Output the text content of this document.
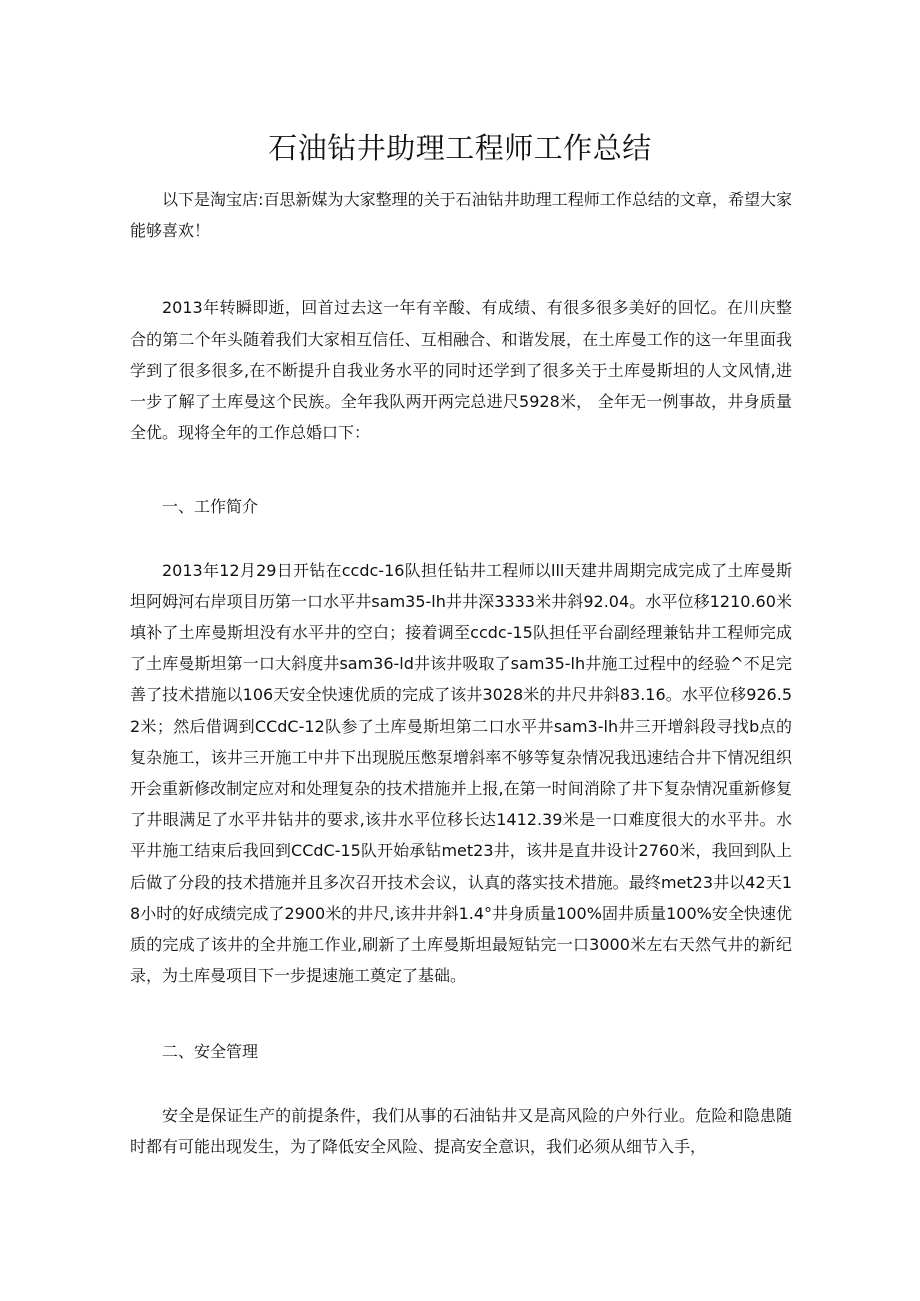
石油钻井助理工程师工作总结

以下是淘宝店:百思新媒为大家整理的关于石油钻井助理工程师工作总结的文章，希望大家能够喜欢！

2013年转瞬即逝，回首过去这一年有辛酸、有成绩、有很多很多美好的回忆。在川庆整合的第二个年头随着我们大家相互信任、互相融合、和谐发展，在土库曼工作的这一年里面我学到了很多很多,在不断提升自我业务水平的同时还学到了很多关于土库曼斯坦的人文风情,进一步了解了土库曼这个民族。全年我队两开两完总进尺5928米， 全年无一例事故，井身质量全优。现将全年的工作总婚口下：

一、工作简介

2013年12月29日开钻在ccdc-16队担任钻井工程师以lll天建井周期完成完成了土库曼斯坦阿姆河右岸项目历第一口水平井sam35-lh井井深3333米井斜92.04。水平位移1210.60米填补了土库曼斯坦没有水平井的空白；接着调至ccdc-15队担任平台副经理兼钻井工程师完成了土库曼斯坦第一口大斜度井sam36-ld井该井吸取了sam35-lh井施工过程中的经验^不足完善了技术措施以106天安全快速优质的完成了该井3028米的井尺井斜83.16。水平位移926.52米；然后借调到CCdC-12队参了土库曼斯坦第二口水平井sam3-lh井三开增斜段寻找b点的复杂施工，该井三开施工中井下出现脱压憋泵增斜率不够等复杂情况我迅速结合井下情况组织开会重新修改制定应对和处理复杂的技术措施并上报,在第一时间消除了井下复杂情况重新修复了井眼满足了水平井钻井的要求,该井水平位移长达1412.39米是一口难度很大的水平井。水平井施工结束后我回到CCdC-15队开始承钻met23井，该井是直井设计2760米，我回到队上后做了分段的技术措施并且多次召开技术会议，认真的落实技术措施。最终met23井以42天18小时的好成绩完成了2900米的井尺,该井井斜1.4°井身质量100%固井质量100%安全快速优质的完成了该井的全井施工作业,刷新了土库曼斯坦最短钻完一口3000米左右天然气井的新纪录，为土库曼项目下一步提速施工奠定了基础。

二、安全管理

安全是保证生产的前提条件，我们从事的石油钻井又是高风险的户外行业。危险和隐患随时都有可能出现发生，为了降低安全风险、提高安全意识，我们必须从细节入手，
